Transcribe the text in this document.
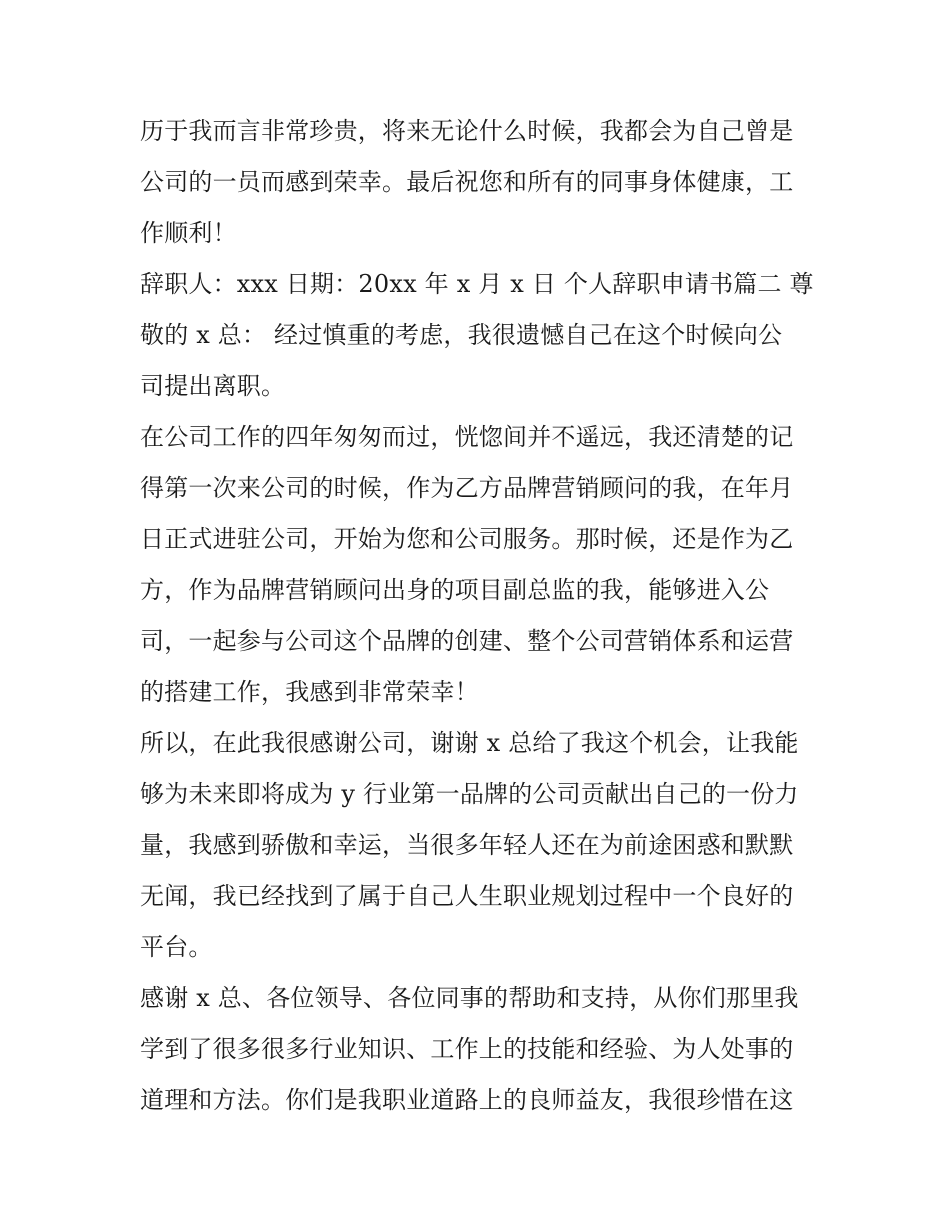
历于我而言非常珍贵，将来无论什么时候，我都会为自己曾是
公司的一员而感到荣幸。最后祝您和所有的同事身体健康，工
作顺利！

辞职人：xxx 日期：20xx 年 x 月 x 日 个人辞职申请书篇二 尊
敬的 x 总： 经过慎重的考虑，我很遗憾自己在这个时候向公
司提出离职。

在公司工作的四年匆匆而过，恍惚间并不遥远，我还清楚的记
得第一次来公司的时候，作为乙方品牌营销顾问的我，在年月
日正式进驻公司，开始为您和公司服务。那时候，还是作为乙
方，作为品牌营销顾问出身的项目副总监的我，能够进入公
司，一起参与公司这个品牌的创建、整个公司营销体系和运营
的搭建工作，我感到非常荣幸！

所以，在此我很感谢公司，谢谢 x 总给了我这个机会，让我能
够为未来即将成为 y 行业第一品牌的公司贡献出自己的一份力
量，我感到骄傲和幸运，当很多年轻人还在为前途困惑和默默
无闻，我已经找到了属于自己人生职业规划过程中一个良好的
平台。

感谢 x 总、各位领导、各位同事的帮助和支持，从你们那里我
学到了很多很多行业知识、工作上的技能和经验、为人处事的
道理和方法。你们是我职业道路上的良师益友，我很珍惜在这
